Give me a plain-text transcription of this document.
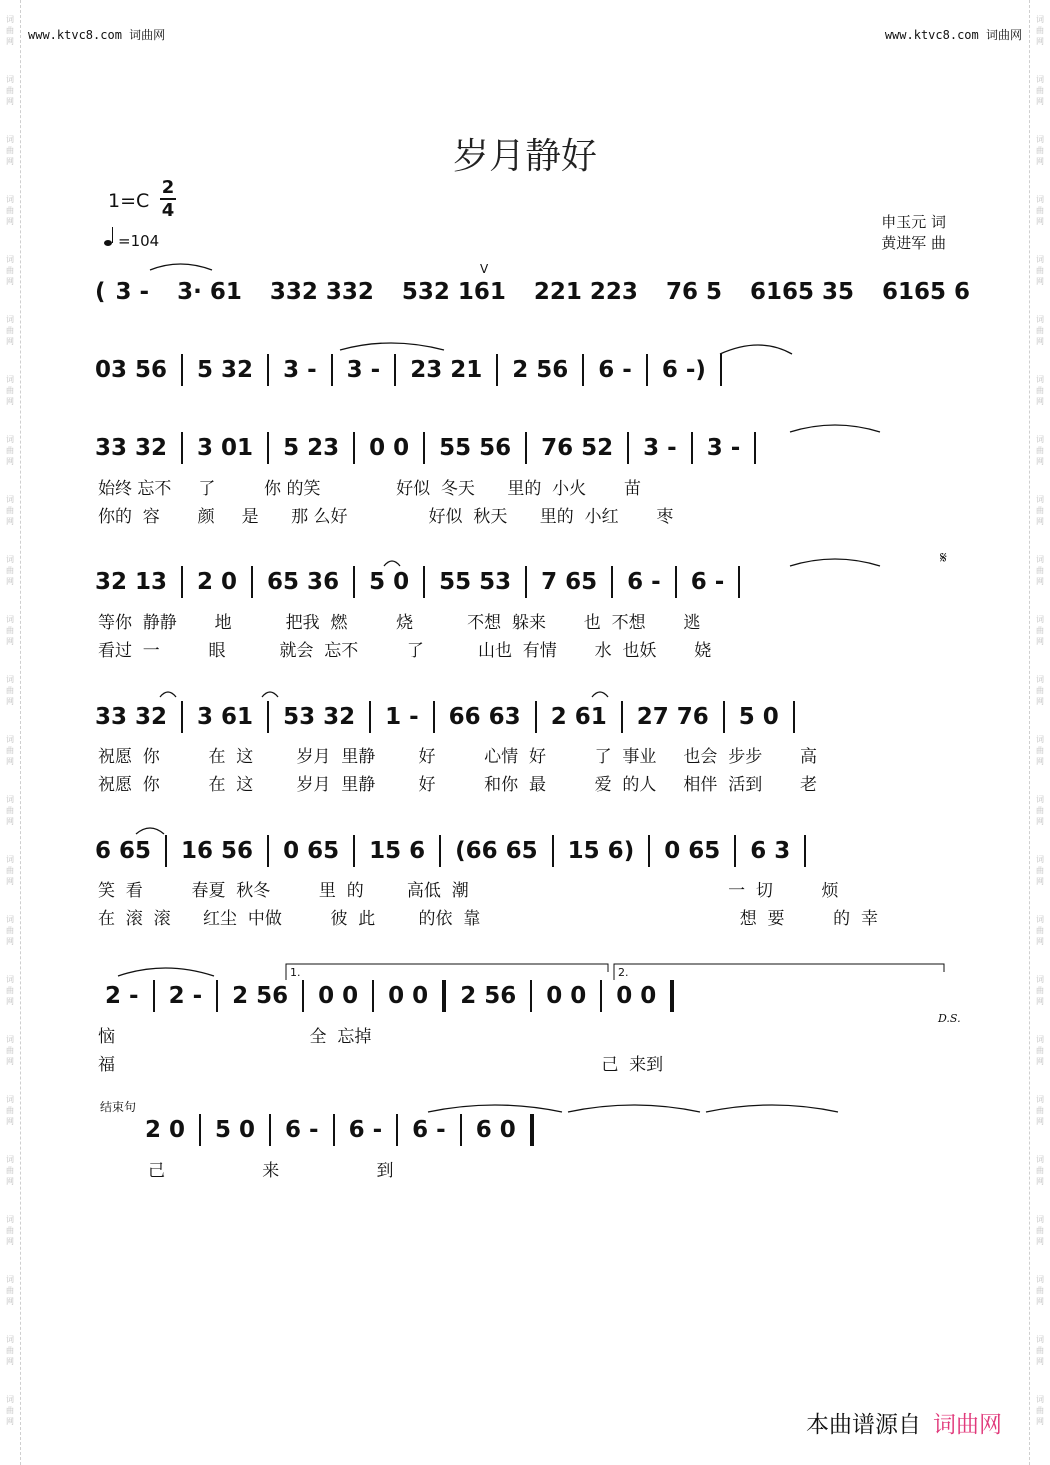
词
曲
网
词
曲
网
词
曲
网
词
曲
网
词
曲
网
词
曲
网
词
曲
网
词
曲
网
词
曲
网
词
曲
网
词
曲
网
词
曲
网
词
曲
网
词
曲
网
词
曲
网
词
曲
网
词
曲
网
词
曲
网
词
曲
网
词
曲
网
词
曲
网
词
曲
网
词
曲
网
词
曲
网
词
曲
网
词
曲
网
词
曲
网
词
曲
网
词
曲
网
词
曲
网
词
曲
网
词
曲
网
词
曲
网
词
曲
网
词
曲
网
词
曲
网
词
曲
网
词
曲
网
词
曲
网
词
曲
网
词
曲
网
词
曲
网
词
曲
网
词
曲
网
词
曲
网
词
曲
网
词
曲
网
词
曲
网
www.ktvc8.com 词曲网	www.ktvc8.com 词曲网
岁月静好
1=C
2
4
=104
申玉元 词
黄进军 曲
( 3 - 3· 61 332 332 532 161 221 223 76 5 6165 35 6165 6
03 56 5 32 3 - 3 - 23 21 2 56 6 - 6 -)
33 32 3 01 5 23 0 0 55 56 76 52 3 - 3 -
32 13 2 0 65 36 5 0 55 53 7 65 6 - 6 -
33 32 3 61 53 32 1 - 66 63 2 61 27 76 5 0
6 65 16 56 0 65 15 6 (66 65 15 6) 0 65 6 3
2 - 2 - 2 56 0 0 0 0 2 56 0 0 0 0
2 0 5 0 6 - 6 - 6 - 6 0
始终 忘不     了         你 的笑              好似  冬天      里的  小火       苗
你的  容       颜     是      那 么好               好似  秋天      里的  小红       枣
等你  静静       地          把我  燃         烧          不想  躲来       也  不想       逃
看过  一         眼          就会  忘不         了          山也  有情       水  也妖       娆
祝愿  你         在  这        岁月  里静        好         心情  好         了  事业     也会  步步       高
祝愿  你         在  这        岁月  里静        好         和你  最         爱  的人     相伴  活到       老
笑  看         春夏  秋冬         里  的        高低  潮                                                一  切         烦
在  滚  滚      红尘  中做         彼  此        的依  靠                                                想  要         的  幸
恼                                    全  忘掉
福                                                                                          己  来到
己                  来                  到
V
𝄋
1.	2.
D.S.
结束句
本曲谱源自 词曲网
